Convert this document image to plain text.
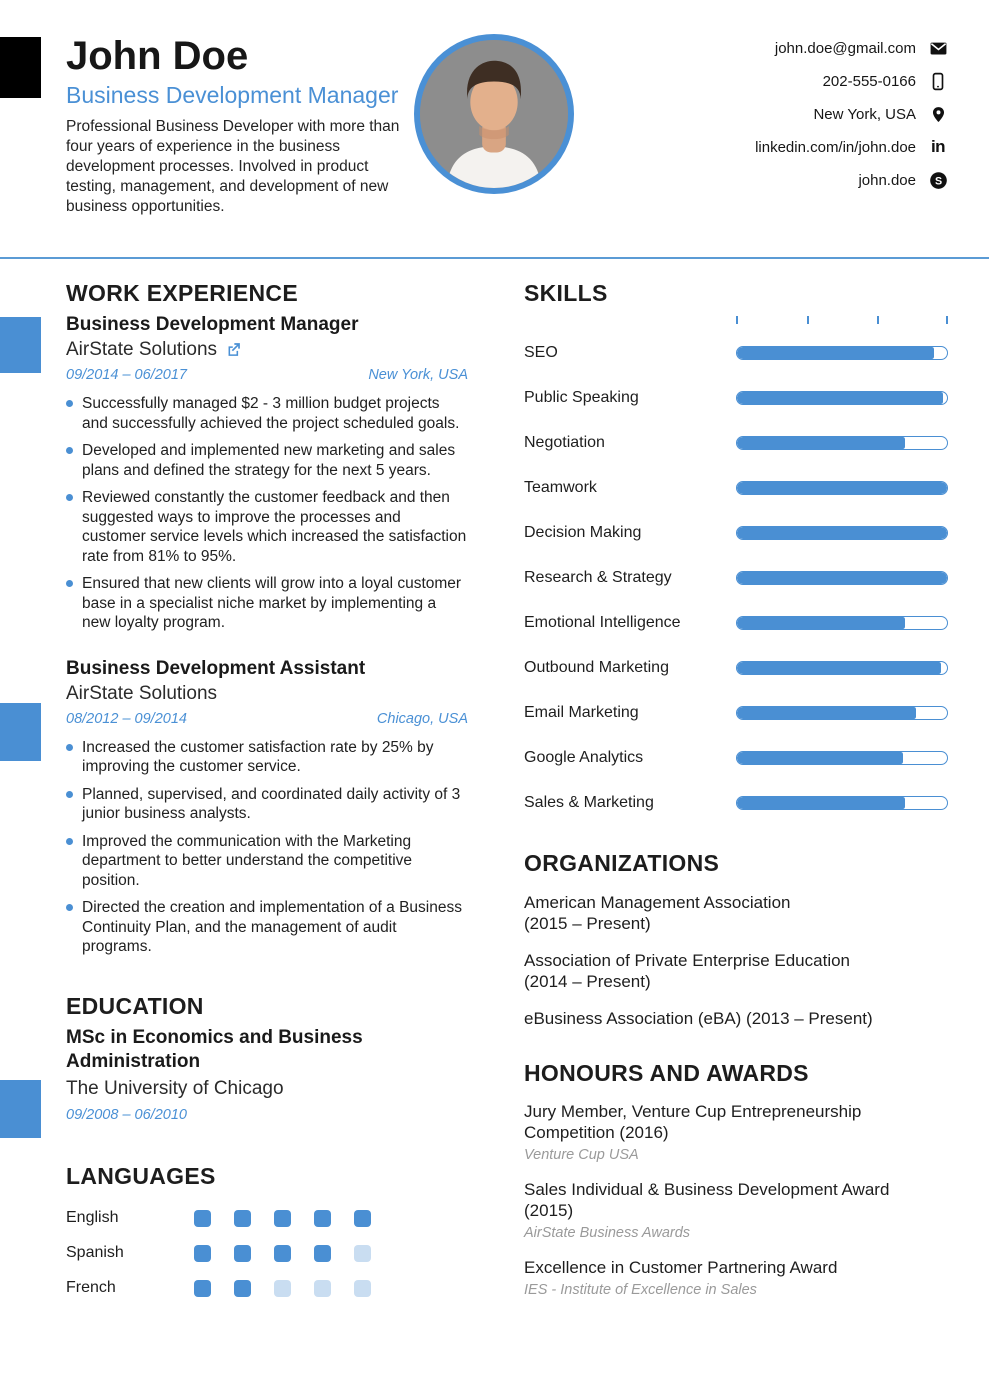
John Doe
Business Development Manager
Professional Business Developer with more than four years of experience in the business development processes. Involved in product testing, management, and development of new business opportunities.
john.doe@gmail.com
202-555-0166
New York, USA
linkedin.com/in/john.doe in
john.doe S
WORK EXPERIENCE
Business Development Manager
AirState Solutions
09/2014 – 06/2017	New York, USA
Successfully managed $2 - 3 million budget projects and successfully achieved the project scheduled goals.
Developed and implemented new marketing and sales plans and defined the strategy for the next 5 years.
Reviewed constantly the customer feedback and then suggested ways to improve the processes and customer service levels which increased the satisfaction rate from 81% to 95%.
Ensured that new clients will grow into a loyal customer base in a specialist niche market by implementing a new loyalty program.
Business Development Assistant
AirState Solutions
08/2012 – 09/2014	Chicago, USA
Increased the customer satisfaction rate by 25% by improving the customer service.
Planned, supervised, and coordinated daily activity of 3 junior business analysts.
Improved the communication with the Marketing department to better understand the competitive position.
Directed the creation and implementation of a Business Continuity Plan, and the management of audit programs.
EDUCATION
MSc in Economics and Business
Administration
The University of Chicago
09/2008 – 06/2010
LANGUAGES
English
Spanish
French
SKILLS
SEO
Public Speaking
Negotiation
Teamwork
Decision Making
Research & Strategy
Emotional Intelligence
Outbound Marketing
Email Marketing
Google Analytics
Sales & Marketing
ORGANIZATIONS
American Management Association
(2015 – Present)
Association of Private Enterprise Education
(2014 – Present)
eBusiness Association (eBA) (2013 – Present)
HONOURS AND AWARDS
Jury Member, Venture Cup Entrepreneurship
Competition (2016)
Venture Cup USA
Sales Individual & Business Development Award
(2015)
AirState Business Awards
Excellence in Customer Partnering Award
IES - Institute of Excellence in Sales
